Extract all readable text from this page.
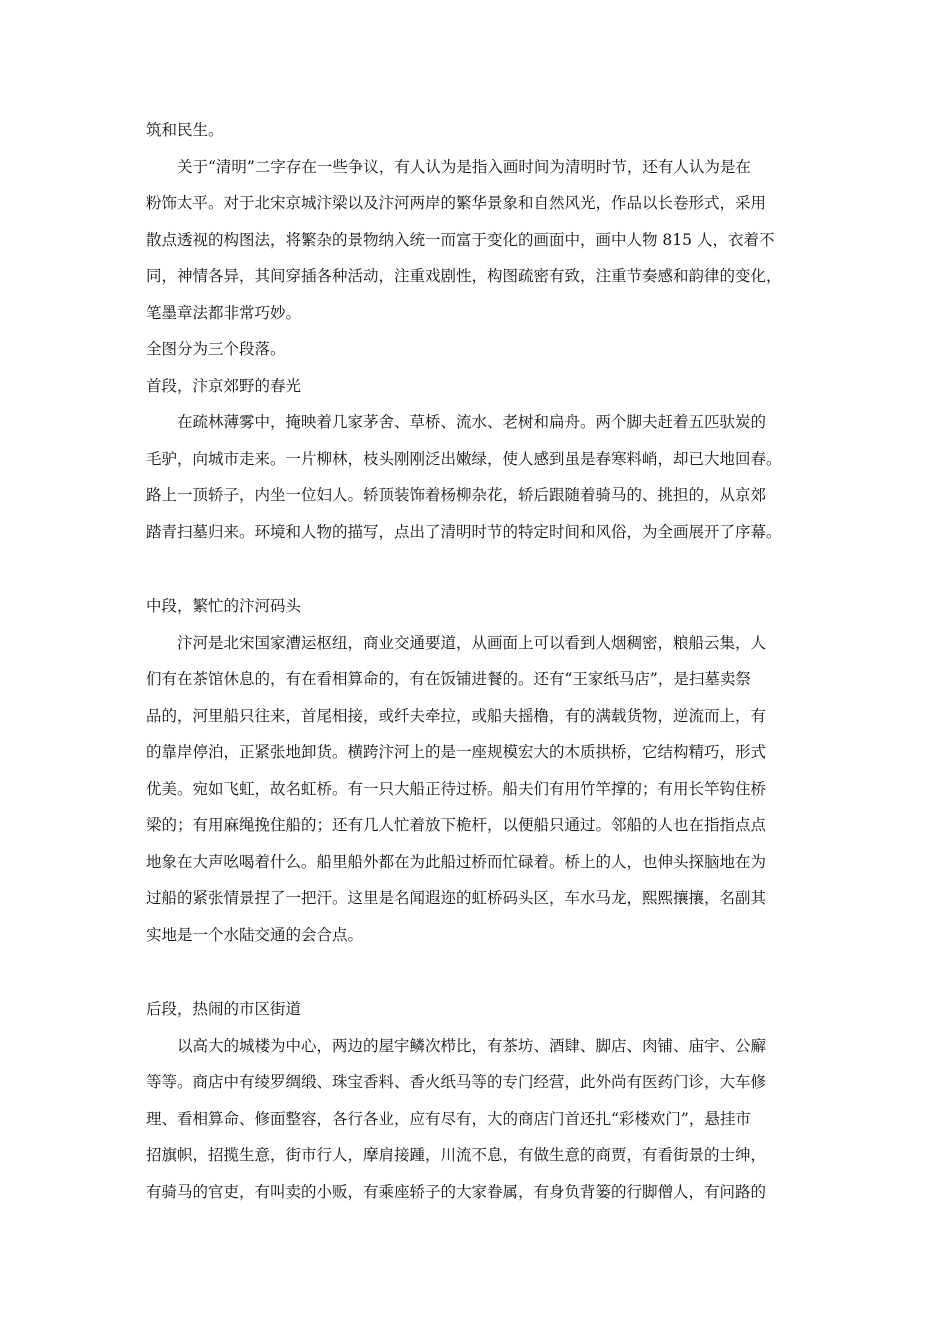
筑和民生。
关于“清明”二字存在一些争议，有人认为是指入画时间为清明时节，还有人认为是在
粉饰太平。对于北宋京城汴梁以及汴河两岸的繁华景象和自然风光，作品以长卷形式，采用
散点透视的构图法，将繁杂的景物纳入统一而富于变化的画面中，画中人物 815 人，衣着不
同，神情各异，其间穿插各种活动，注重戏剧性，构图疏密有致，注重节奏感和韵律的变化，
笔墨章法都非常巧妙。
全图分为三个段落。
首段，汴京郊野的春光
在疏林薄雾中，掩映着几家茅舍、草桥、流水、老树和扁舟。两个脚夫赶着五匹驮炭的
毛驴，向城市走来。一片柳林，枝头刚刚泛出嫩绿，使人感到虽是春寒料峭，却已大地回春。
路上一顶轿子，内坐一位妇人。轿顶装饰着杨柳杂花，轿后跟随着骑马的、挑担的，从京郊
踏青扫墓归来。环境和人物的描写，点出了清明时节的特定时间和风俗，为全画展开了序幕。
中段，繁忙的汴河码头
汴河是北宋国家漕运枢纽，商业交通要道，从画面上可以看到人烟稠密，粮船云集，人
们有在茶馆休息的，有在看相算命的，有在饭铺进餐的。还有“王家纸马店”，是扫墓卖祭
品的，河里船只往来，首尾相接，或纤夫牵拉，或船夫摇橹，有的满载货物，逆流而上，有
的靠岸停泊，正紧张地卸货。横跨汴河上的是一座规模宏大的木质拱桥，它结构精巧，形式
优美。宛如飞虹，故名虹桥。有一只大船正待过桥。船夫们有用竹竿撑的；有用长竿钩住桥
梁的；有用麻绳挽住船的；还有几人忙着放下桅杆，以便船只通过。邻船的人也在指指点点
地象在大声吆喝着什么。船里船外都在为此船过桥而忙碌着。桥上的人，也伸头探脑地在为
过船的紧张情景捏了一把汗。这里是名闻遐迩的虹桥码头区，车水马龙，熙熙攘攘，名副其
实地是一个水陆交通的会合点。
后段，热闹的市区街道
以高大的城楼为中心，两边的屋宇鳞次栉比，有茶坊、酒肆、脚店、肉铺、庙宇、公廨
等等。商店中有绫罗绸缎、珠宝香料、香火纸马等的专门经营，此外尚有医药门诊，大车修
理、看相算命、修面整容，各行各业，应有尽有，大的商店门首还扎“彩楼欢门”，悬挂市
招旗帜，招揽生意，街市行人，摩肩接踵，川流不息，有做生意的商贾，有看街景的士绅，
有骑马的官吏，有叫卖的小贩，有乘座轿子的大家眷属，有身负背篓的行脚僧人，有问路的
